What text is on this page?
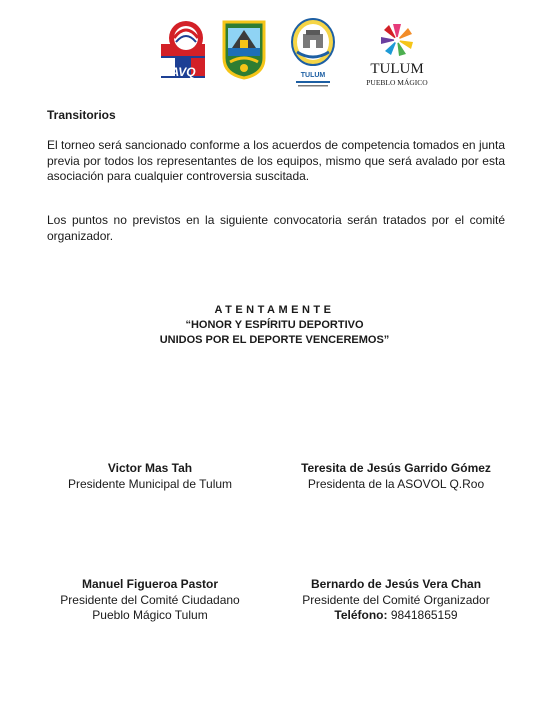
AVQ	TULUM	TULUM
PUEBLO MÁGICO

Transitorios

El torneo será sancionado conforme a los acuerdos de competencia tomados en junta previa por todos los representantes de los equipos, mismo que será avalado por esta asociación para cualquier controversia suscitada.

Los puntos no previstos en la siguiente convocatoria serán tratados por el comité organizador.

ATENTAMENTE
“HONOR Y ESPÍRITU DEPORTIVO
UNIDOS POR EL DEPORTE VENCEREMOS”
Victor Mas Tah
Presidente Municipal de Tulum
Teresita de Jesús Garrido Gómez
Presidenta de la ASOVOL Q.Roo
Manuel Figueroa Pastor
Presidente del Comité Ciudadano
Pueblo Mágico Tulum
Bernardo de Jesús Vera Chan
Presidente del Comité Organizador
Teléfono: 9841865159
